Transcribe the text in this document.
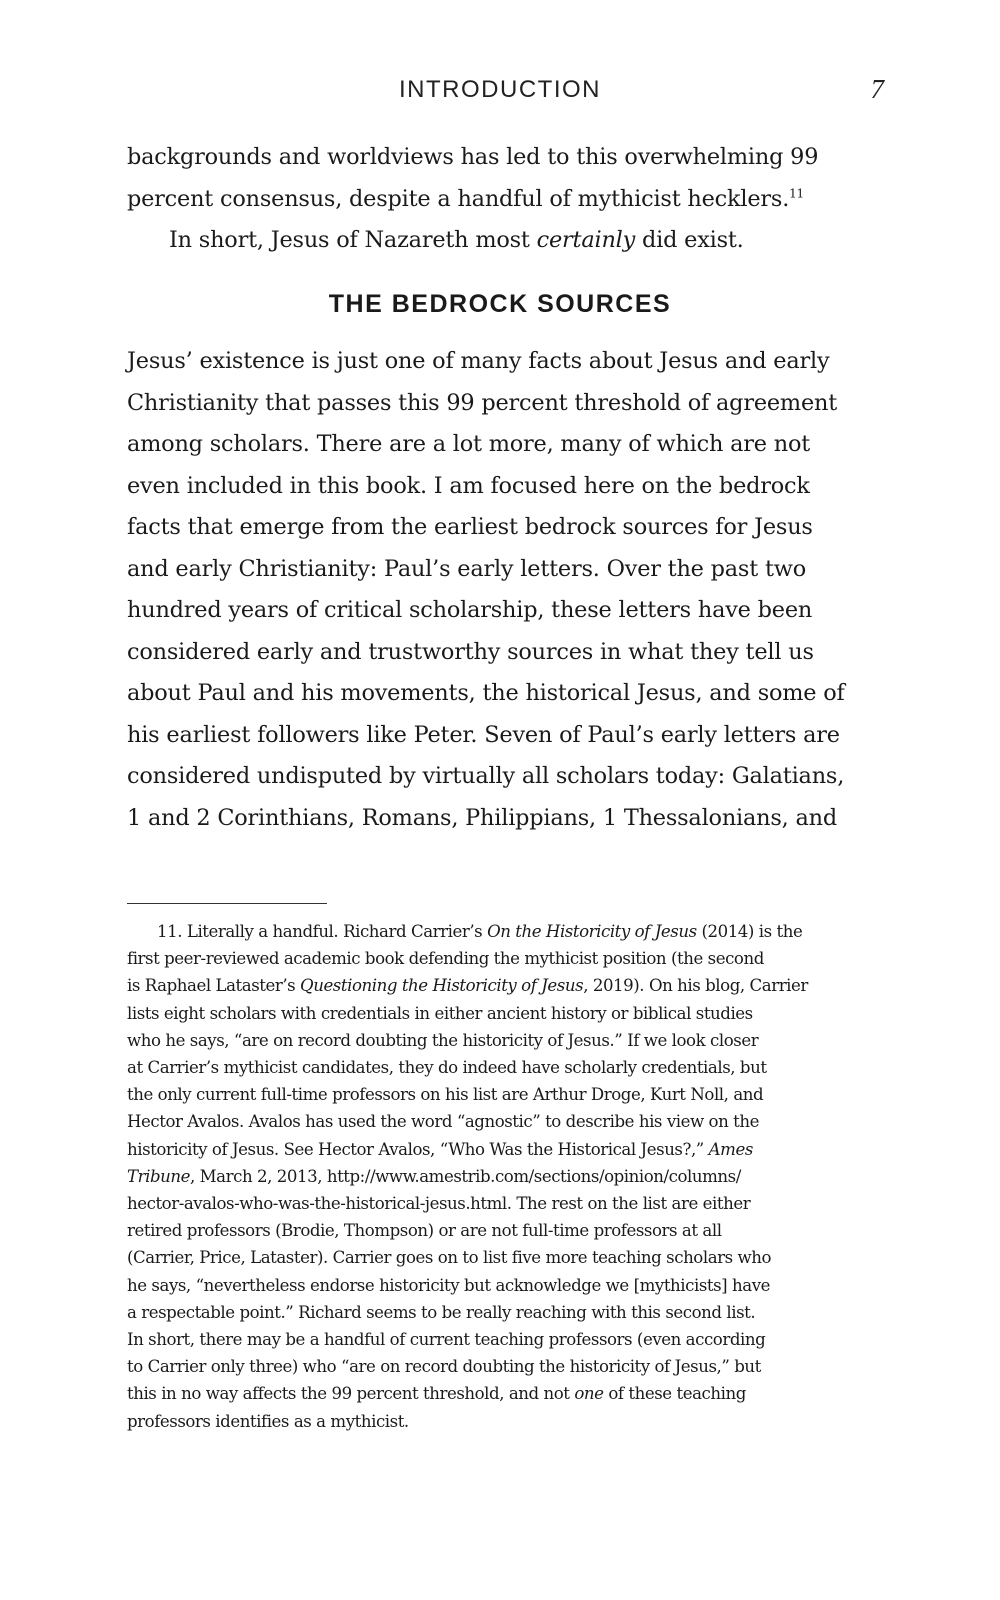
INTRODUCTION	7
backgrounds and worldviews has led to this overwhelming 99
percent consensus, despite a handful of mythicist hecklers.$^{11}$
In short, Jesus of Nazareth most certainly did exist.
THE BEDROCK SOURCES
Jesus’ existence is just one of many facts about Jesus and early
Christianity that passes this 99 percent threshold of agreement
among scholars. There are a lot more, many of which are not
even included in this book. I am focused here on the bedrock
facts that emerge from the earliest bedrock sources for Jesus
and early Christianity: Paul’s early letters. Over the past two
hundred years of critical scholarship, these letters have been
considered early and trustworthy sources in what they tell us
about Paul and his movements, the historical Jesus, and some of
his earliest followers like Peter. Seven of Paul’s early letters are
considered undisputed by virtually all scholars today: Galatians,
1 and 2 Corinthians, Romans, Philippians, 1 Thessalonians, and
11. Literally a handful. Richard Carrier’s On the Historicity of Jesus (2014) is the
first peer-reviewed academic book defending the mythicist position (the second
is Raphael Lataster’s Questioning the Historicity of Jesus, 2019). On his blog, Carrier
lists eight scholars with credentials in either ancient history or biblical studies
who he says, “are on record doubting the historicity of Jesus.” If we look closer
at Carrier’s mythicist candidates, they do indeed have scholarly credentials, but
the only current full-time professors on his list are Arthur Droge, Kurt Noll, and
Hector Avalos. Avalos has used the word “agnostic” to describe his view on the
historicity of Jesus. See Hector Avalos, “Who Was the Historical Jesus?,” Ames
Tribune, March 2, 2013, http://www.amestrib.com/sections/opinion/columns/
hector-avalos-who-was-the-historical-jesus.html. The rest on the list are either
retired professors (Brodie, Thompson) or are not full-time professors at all
(Carrier, Price, Lataster). Carrier goes on to list five more teaching scholars who
he says, “nevertheless endorse historicity but acknowledge we [mythicists] have
a respectable point.” Richard seems to be really reaching with this second list.
In short, there may be a handful of current teaching professors (even according
to Carrier only three) who “are on record doubting the historicity of Jesus,” but
this in no way affects the 99 percent threshold, and not one of these teaching
professors identifies as a mythicist.
